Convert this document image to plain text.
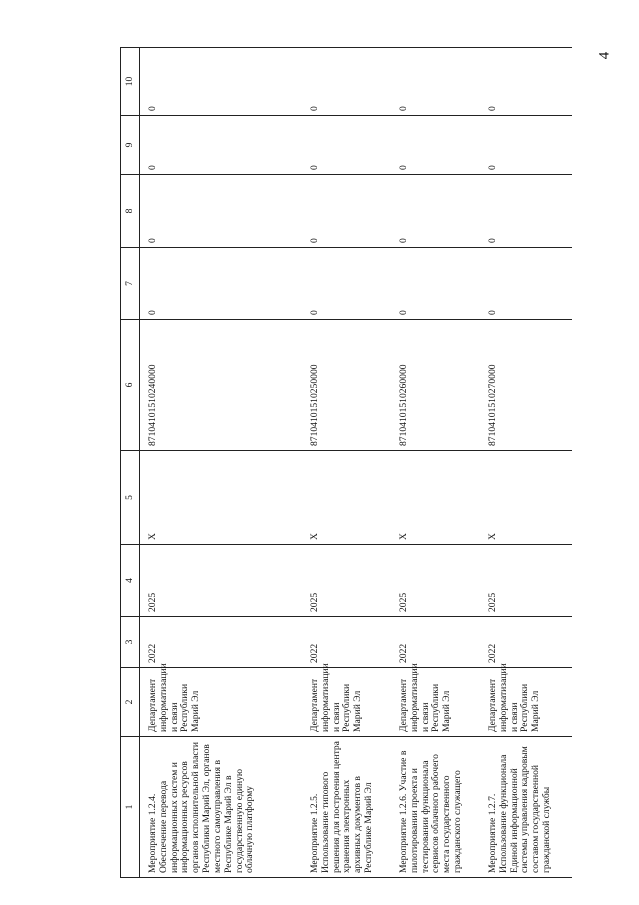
4
1	2	3	4	5	6	7	8	9	10
Мероприятие 1.2.4. Обеспечение перевода информационных систем и информационных ресурсов органов исполнительной власти Республики Марий Эл, органов местного самоуправления в Республике Марий Эл в государственную единую облачную платформу	Департамент информатизации и связи Республики Марий Эл	2022	2025	X	87104101510240000	0	0	0	0
Мероприятие 1.2.5. Использование типового решения для построения центра хранения электронных архивных документов в Республике Марий Эл	Департамент информатизации и связи Республики Марий Эл	2022	2025	X	87104101510250000	0	0	0	0
Мероприятие 1.2.6. Участие в пилотировании проекта и тестировании функционала сервисов облачного рабочего места государственного гражданского служащего	Департамент информатизации и связи Республики Марий Эл	2022	2025	X	87104101510260000	0	0	0	0
Мероприятие 1.2.7. Использование функционала Единой информационной системы управления кадровым составом государственной гражданской службы	Департамент информатизации и связи Республики Марий Эл	2022	2025	X	87104101510270000	0	0	0	0
